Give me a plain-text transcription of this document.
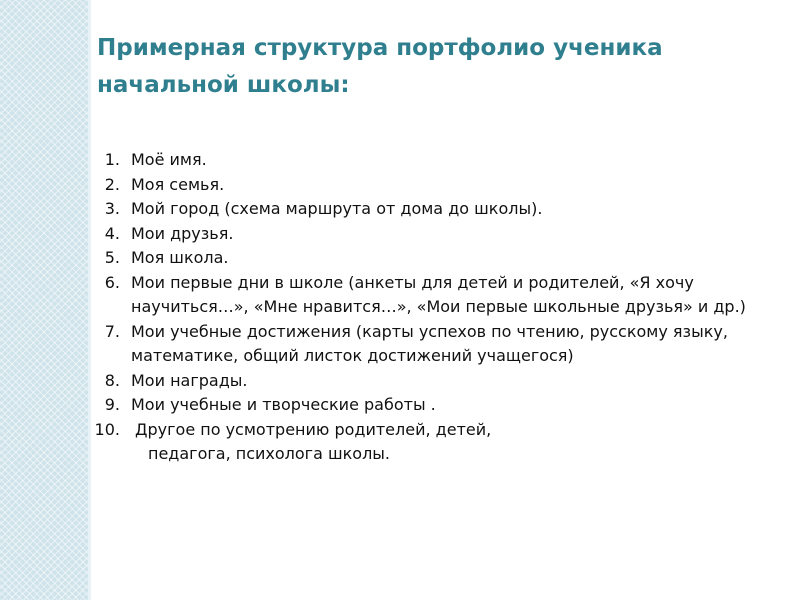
Примерная структура портфолио ученика начальной школы:
1. Моё имя.
2. Моя семья.
3. Мой город (схема маршрута от дома до школы).
4. Мои друзья.
5. Моя школа.
6. Мои первые дни в школе (анкеты для детей и родителей, «Я хочу научиться…», «Мне нравится…», «Мои первые школьные друзья» и др.)
7. Мои учебные достижения (карты успехов по чтению, русскому языку, математике, общий листок достижений учащегося)
8. Мои награды.
9. Мои учебные и творческие работы .
10. Другое по усмотрению родителей, детей,
педагога, психолога школы.
